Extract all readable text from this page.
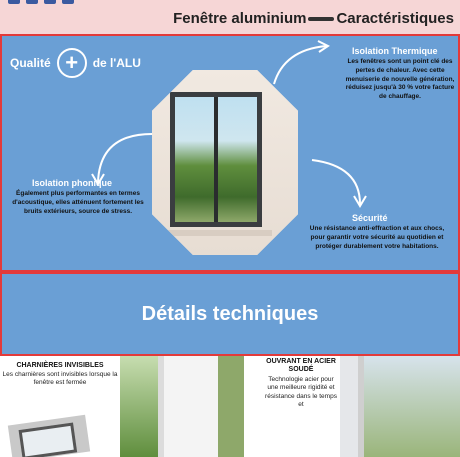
Fenêtre aluminium Caractéristiques
Qualité +	de l'ALU
Isolation Thermique
Les fenêtres sont un point clé des pertes de chaleur. Avec cette menuiserie de nouvelle génération, réduisez jusqu'à 30 % votre facture de chauffage.
Isolation phonique
Également plus performantes en termes d'acoustique, elles atténuent fortement les bruits extérieurs, source de stress.
Sécurité
Une résistance anti-effraction et aux chocs, pour garantir votre sécurité au quotidien et protéger durablement votre habitations.
Détails techniques
CHARNIÈRES INVISIBLES
Les charnières sont invisibles lorsque la fenêtre est fermée
OUVRANT EN ACIER SOUDÉ
Technologie acier pour une meilleure rigidité et résistance dans le temps et
